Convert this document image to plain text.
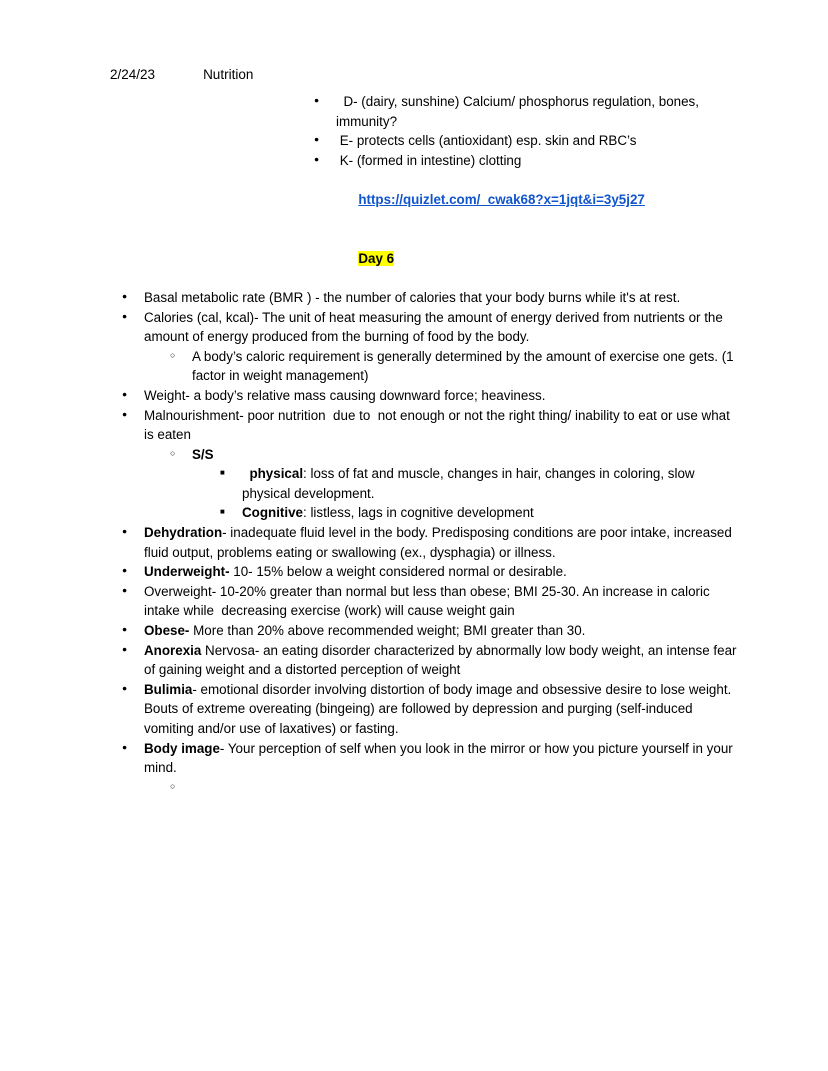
2/24/23	Nutrition

●
D- (dairy, sunshine) Calcium/ phosphorus regulation, bones, immunity?
●
E- protects cells (antioxidant) esp. skin and RBC’s
●
K- (formed in intestine) clotting

https://quizlet.com/_cwak68?x=1jqt&i=3y5j27

Day 6

●
Basal metabolic rate (BMR ) - the number of calories that your body burns while it's at rest.
●
Calories (cal, kcal)- The unit of heat measuring the amount of energy derived from nutrients or the amount of energy produced from the burning of food by the body.
○
A body’s caloric requirement is generally determined by the amount of exercise one gets. (1 factor in weight management)
●
Weight- a body’s relative mass causing downward force; heaviness.
●
Malnourishment- poor nutrition  due to  not enough or not the right thing/ inability to eat or use what is eaten
○
S/S
■
physical: loss of fat and muscle, changes in hair, changes in coloring, slow physical development.
■
Cognitive: listless, lags in cognitive development
●
Dehydration- inadequate fluid level in the body. Predisposing conditions are poor intake, increased fluid output, problems eating or swallowing (ex., dysphagia) or illness.
●
Underweight- 10- 15% below a weight considered normal or desirable.
●
Overweight- 10-20% greater than normal but less than obese; BMI 25-30. An increase in caloric intake while  decreasing exercise (work) will cause weight gain
●
Obese- More than 20% above recommended weight; BMI greater than 30.
●
Anorexia Nervosa- an eating disorder characterized by abnormally low body weight, an intense fear of gaining weight and a distorted perception of weight
●
Bulimia- emotional disorder involving distortion of body image and obsessive desire to lose weight. Bouts of extreme overeating (bingeing) are followed by depression and purging (self-induced vomiting and/or use of laxatives) or fasting.
●
Body image- Your perception of self when you look in the mirror or how you picture yourself in your mind.
○
